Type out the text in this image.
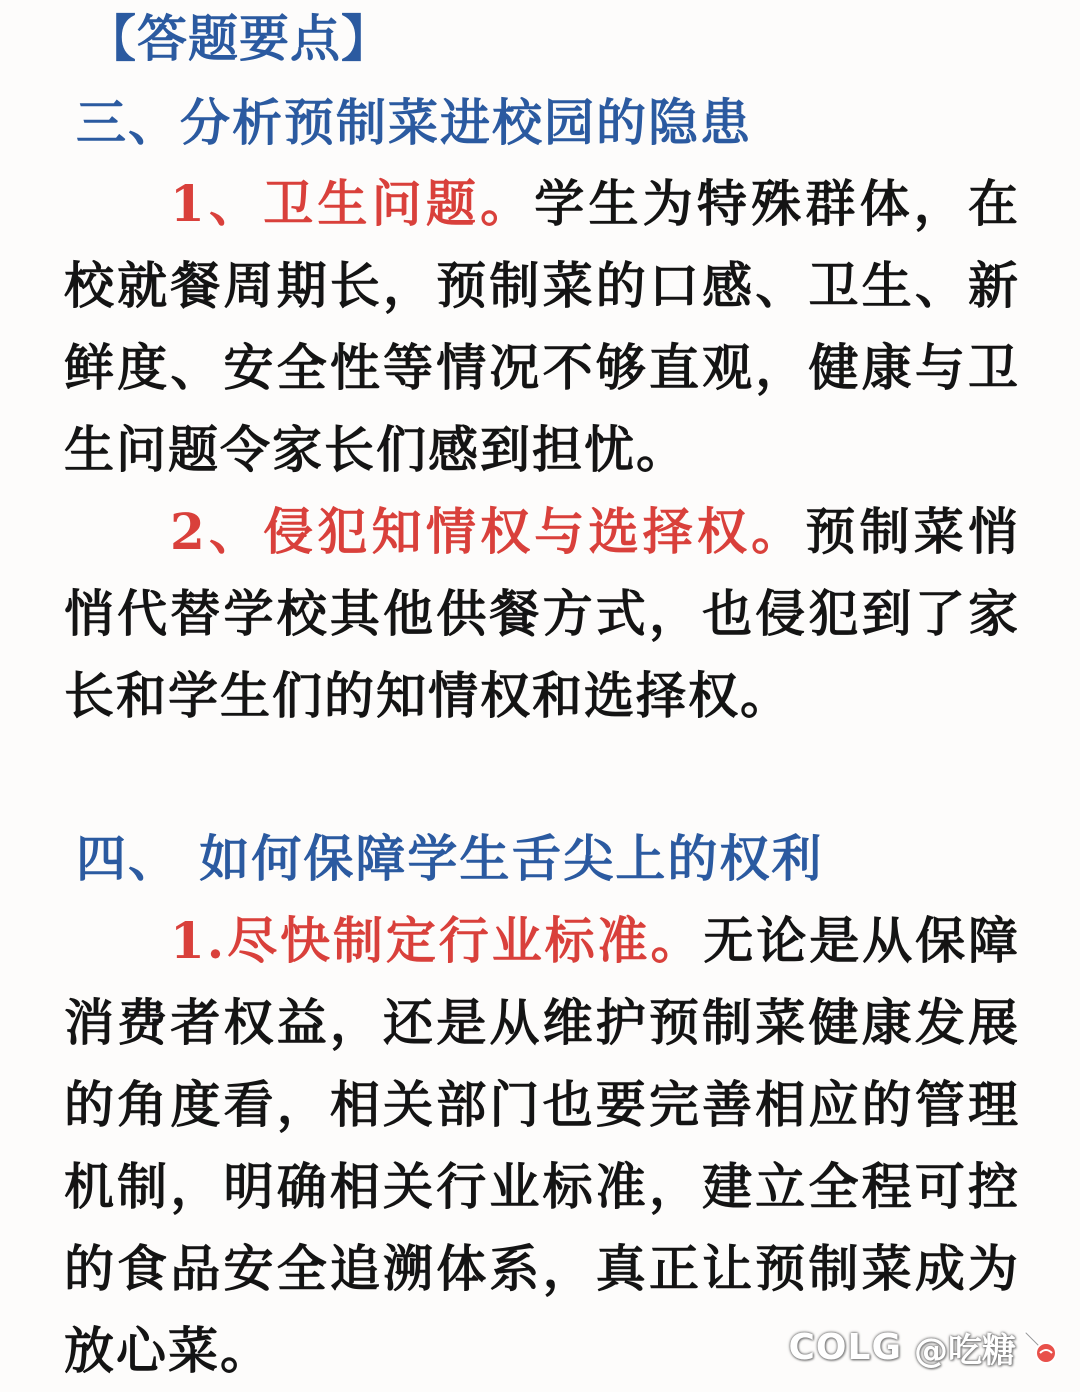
【答题要点】
三、分析预制菜进校园的隐患

1、卫生问题。学生为特殊群体，在校就餐周期长，预制菜的口感、卫生、新鲜度、安全性等情况不够直观，健康与卫生问题令家长们感到担忧。

2、侵犯知情权与选择权。预制菜悄悄代替学校其他供餐方式，也侵犯到了家长和学生们的知情权和选择权。

四、 如何保障学生舌尖上的权利

1.尽快制定行业标准。无论是从保障消费者权益，还是从维护预制菜健康发展的角度看，相关部门也要完善相应的管理机制，明确相关行业标准，建立全程可控的食品安全追溯体系，真正让预制菜成为放心菜。	COLG @吃糖
